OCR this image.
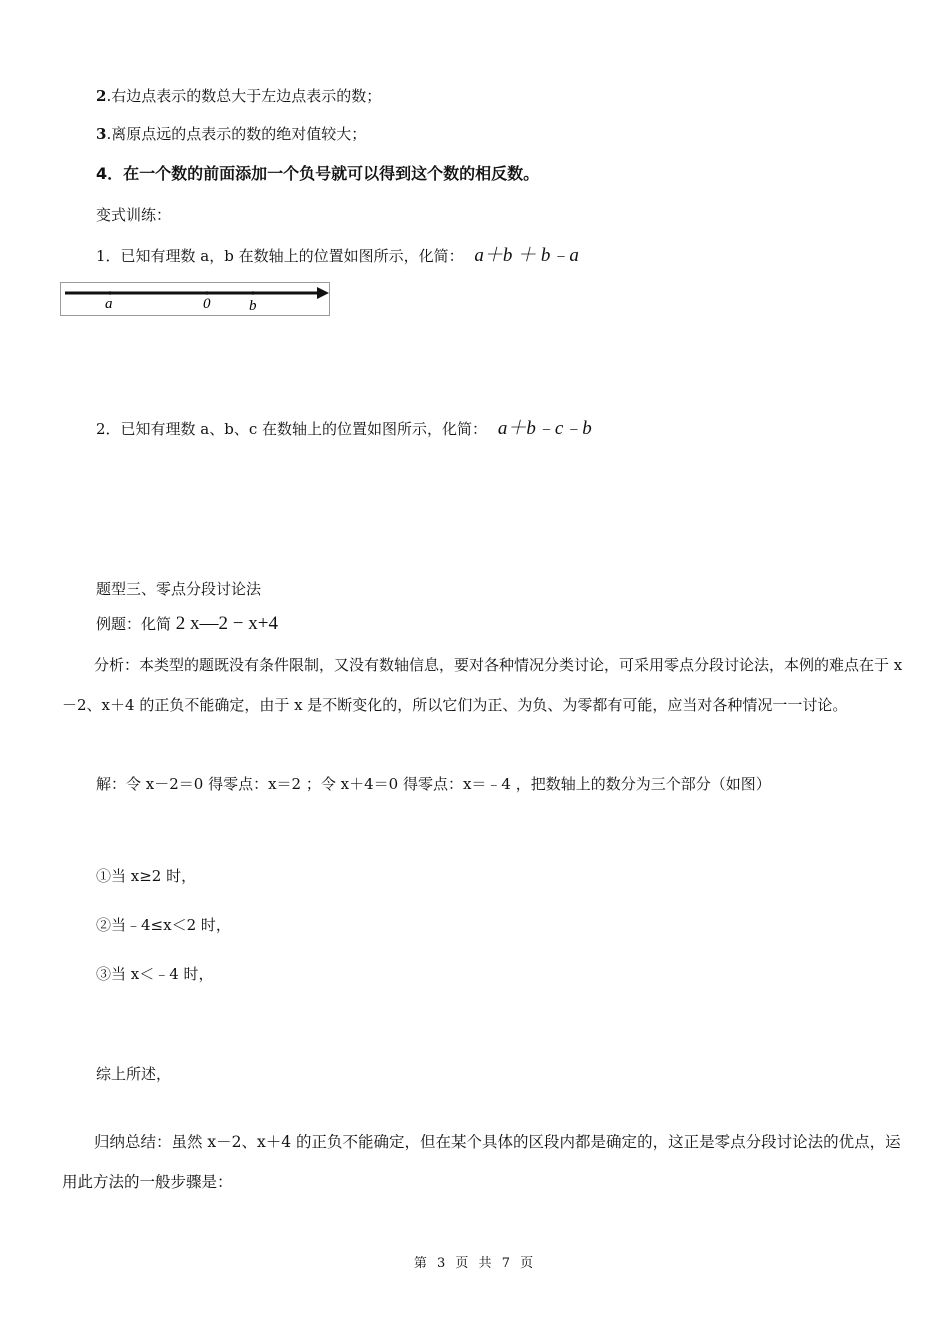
2.右边点表示的数总大于左边点表示的数；
3.离原点远的点表示的数的绝对值较大；
4．在一个数的前面添加一个负号就可以得到这个数的相反数。
变式训练：
1．已知有理数 a，b 在数轴上的位置如图所示，化简： a＋b ＋ b﹣a
a	0	b
2．已知有理数 a、b、c 在数轴上的位置如图所示，化简： a＋b﹣c﹣b
题型三、零点分段讨论法
例题：化简 2 x—2 − x+4
分析：本类型的题既没有条件限制，又没有数轴信息，要对各种情况分类讨论，可采用零点分段讨论法，本例的难点在于 x－2、x＋4 的正负不能确定，由于 x 是不断变化的，所以它们为正、为负、为零都有可能，应当对各种情况一一讨论。
解：令 x－2＝0 得零点：x＝2 ；令 x＋4＝0 得零点：x＝﹣4 ，把数轴上的数分为三个部分（如图）
①当 x≥2 时，
②当﹣4≤x＜2 时，
③当 x＜﹣4 时，
综上所述，
归纳总结：虽然 x－2、x＋4 的正负不能确定，但在某个具体的区段内都是确定的，这正是零点分段讨论法的优点，运用此方法的一般步骤是：
第 3 页 共 7 页
